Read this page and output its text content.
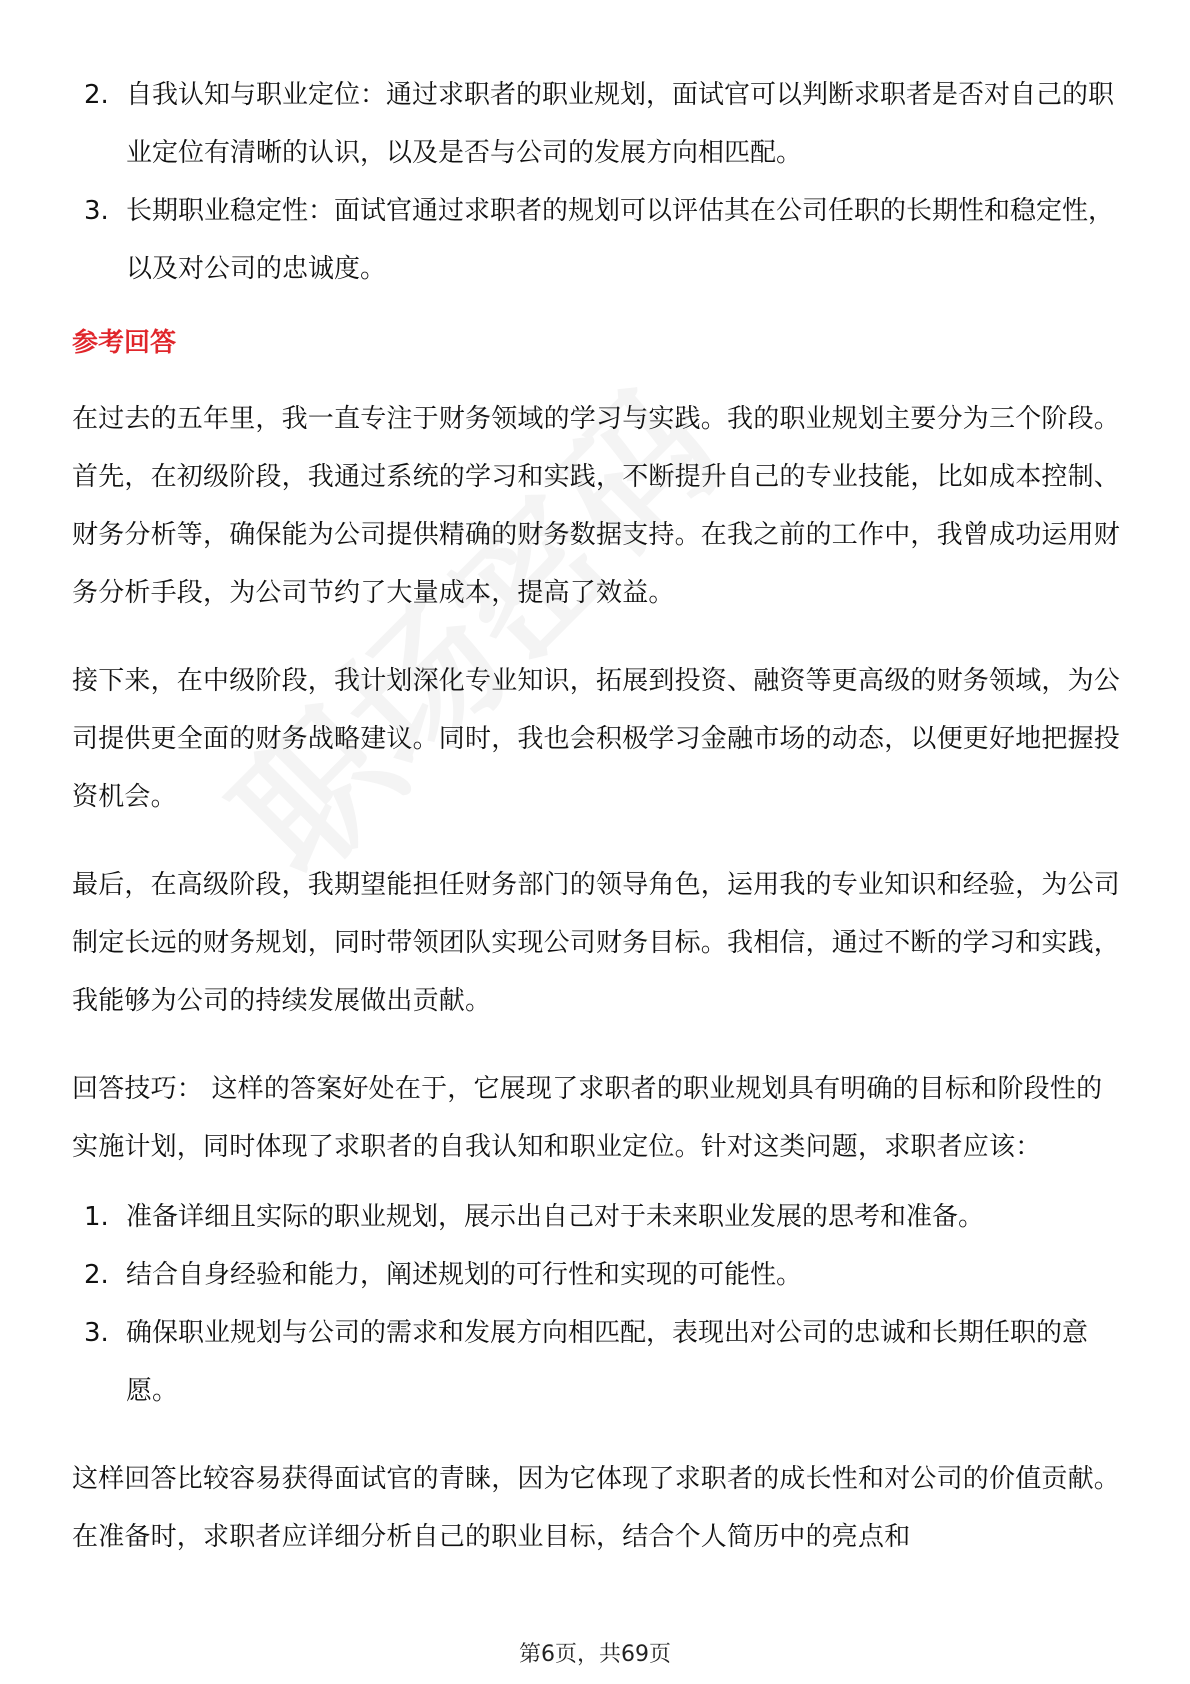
2. 自我认知与职业定位：通过求职者的职业规划，面试官可以判断求职者是否对自己的职业定位有清晰的认识，以及是否与公司的发展方向相匹配。
3. 长期职业稳定性：面试官通过求职者的规划可以评估其在公司任职的长期性和稳定性，以及对公司的忠诚度。
参考回答

在过去的五年里，我一直专注于财务领域的学习与实践。我的职业规划主要分为三个阶段。首先，在初级阶段，我通过系统的学习和实践，不断提升自己的专业技能，比如成本控制、财务分析等，确保能为公司提供精确的财务数据支持。在我之前的工作中，我曾成功运用财务分析手段，为公司节约了大量成本，提高了效益。

接下来，在中级阶段，我计划深化专业知识，拓展到投资、融资等更高级的财务领域，为公司提供更全面的财务战略建议。同时，我也会积极学习金融市场的动态，以便更好地把握投资机会。

最后，在高级阶段，我期望能担任财务部门的领导角色，运用我的专业知识和经验，为公司制定长远的财务规划，同时带领团队实现公司财务目标。我相信，通过不断的学习和实践，我能够为公司的持续发展做出贡献。

回答技巧： 这样的答案好处在于，它展现了求职者的职业规划具有明确的目标和阶段性的实施计划，同时体现了求职者的自我认知和职业定位。针对这类问题，求职者应该：

1. 准备详细且实际的职业规划，展示出自己对于未来职业发展的思考和准备。
2. 结合自身经验和能力，阐述规划的可行性和实现的可能性。
3. 确保职业规划与公司的需求和发展方向相匹配，表现出对公司的忠诚和长期任职的意愿。

这样回答比较容易获得面试官的青睐，因为它体现了求职者的成长性和对公司的价值贡献。在准备时，求职者应详细分析自己的职业目标，结合个人简历中的亮点和

第6页，共69页
